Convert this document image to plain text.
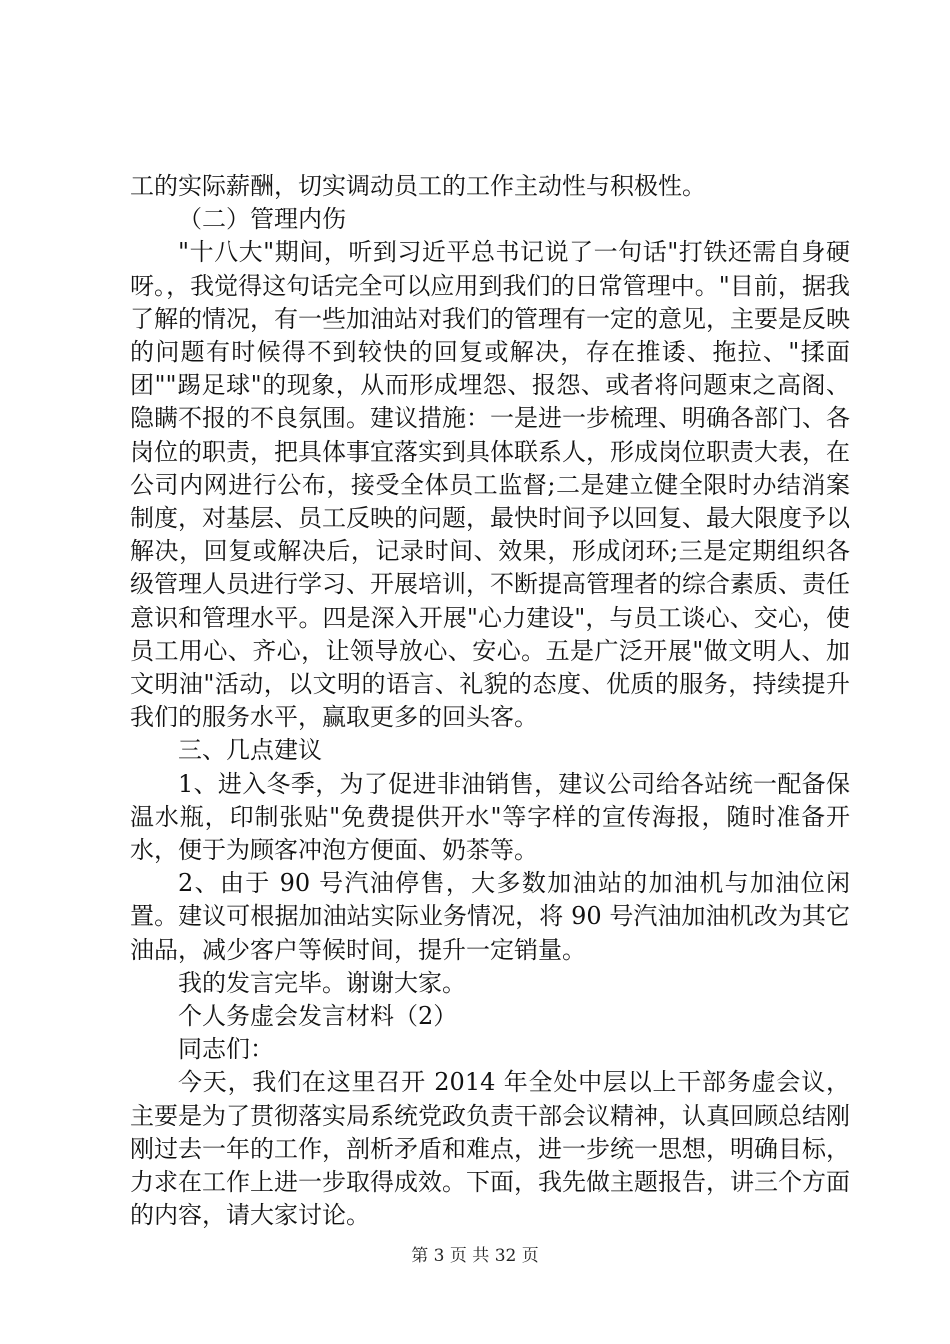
工的实际薪酬，切实调动员工的工作主动性与积极性。

（二）管理内伤

"十八大"期间，听到习近平总书记说了一句话"打铁还需自身硬呀。，我觉得这句话完全可以应用到我们的日常管理中。"目前，据我了解的情况，有一些加油站对我们的管理有一定的意见，主要是反映的问题有时候得不到较快的回复或解决，存在推诿、拖拉、"揉面团""踢足球"的现象，从而形成埋怨、报怨、或者将问题束之高阁、隐瞒不报的不良氛围。建议措施：一是进一步梳理、明确各部门、各岗位的职责，把具体事宜落实到具体联系人，形成岗位职责大表，在公司内网进行公布，接受全体员工监督;二是建立健全限时办结消案制度，对基层、员工反映的问题，最快时间予以回复、最大限度予以解决，回复或解决后，记录时间、效果，形成闭环;三是定期组织各级管理人员进行学习、开展培训，不断提高管理者的综合素质、责任意识和管理水平。四是深入开展"心力建设"，与员工谈心、交心，使员工用心、齐心，让领导放心、安心。五是广泛开展"做文明人、加文明油"活动，以文明的语言、礼貌的态度、优质的服务，持续提升我们的服务水平，赢取更多的回头客。

三、几点建议

1、进入冬季，为了促进非油销售，建议公司给各站统一配备保温水瓶，印制张贴"免费提供开水"等字样的宣传海报，随时准备开水，便于为顾客冲泡方便面、奶茶等。

2、由于 90 号汽油停售，大多数加油站的加油机与加油位闲置。建议可根据加油站实际业务情况，将 90 号汽油加油机改为其它油品，减少客户等候时间，提升一定销量。

我的发言完毕。谢谢大家。

个人务虚会发言材料（2）

同志们：

今天，我们在这里召开 2014 年全处中层以上干部务虚会议，主要是为了贯彻落实局系统党政负责干部会议精神，认真回顾总结刚刚过去一年的工作，剖析矛盾和难点，进一步统一思想，明确目标，力求在工作上进一步取得成效。下面，我先做主题报告，讲三个方面的内容，请大家讨论。

第 3 页 共 32 页
